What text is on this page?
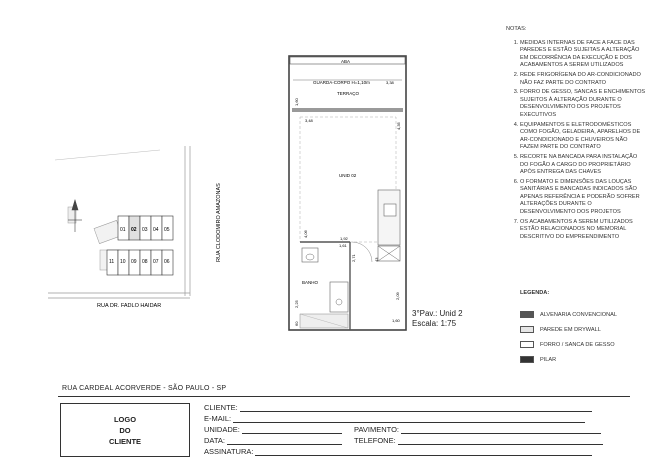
01 02 03 04 05
11 10 09 08 07 06	RUA CLODOMIRO AMAZONAS
RUA DR. FADLO HAIDAR
ABA
GUARDA-CORPO H=1,10m
TERRAÇO
UNID 02
BANHO
3,38
1,60
3,48
4,35
4,06
1,92
1,61
2,71	43
2,09
1,60
2,25
60
3°Pav.: Unid 2
Escala: 1:75
NOTAS:
1. MEDIDAS INTERNAS DE FACE A FACE DAS PAREDES E ESTÃO SUJEITAS A ALTERAÇÃO EM DECORRÊNCIA DA EXECUÇÃO E DOS ACABAMENTOS A SEREM UTILIZADOS
2. REDE FRIGORÍGENA DO AR-CONDICIONADO NÃO FAZ PARTE DO CONTRATO
3. FORRO DE GESSO, SANCAS E ENCHIMENTOS SUJEITOS À ALTERAÇÃO DURANTE O DESENVOLVIMENTO DOS PROJETOS EXECUTIVOS
4. EQUIPAMENTOS E ELETRODOMÉSTICOS COMO FOGÃO, GELADEIRA, APARELHOS DE AR-CONDICIONADO E CHUVEIROS NÃO FAZEM PARTE DO CONTRATO
5. RECORTE NA BANCADA PARA INSTALAÇÃO DO FOGÃO A CARGO DO PROPRIETÁRIO APÓS ENTREGA DAS CHAVES
6. O FORMATO E DIMENSÕES DAS LOUÇAS SANITÁRIAS E BANCADAS INDICADOS SÃO APENAS REFERÊNCIA E PODERÃO SOFRER ALTERAÇÕES DURANTE O DESENVOLVIMENTO DOS PROJETOS
7. OS ACABAMENTOS A SEREM UTILIZADOS ESTÃO RELACIONADOS NO MEMORIAL DESCRITIVO DO EMPREENDIMENTO
LEGENDA:
ALVENARIA CONVENCIONAL
PAREDE EM DRYWALL
FORRO / SANCA DE GESSO
PILAR
RUA CARDEAL ACORVERDE - SÃO PAULO - SP
LOGO
DO
CLIENTE
CLIENTE:
E-MAIL:
UNIDADE:	PAVIMENTO:
DATA:	TELEFONE:
ASSINATURA:
